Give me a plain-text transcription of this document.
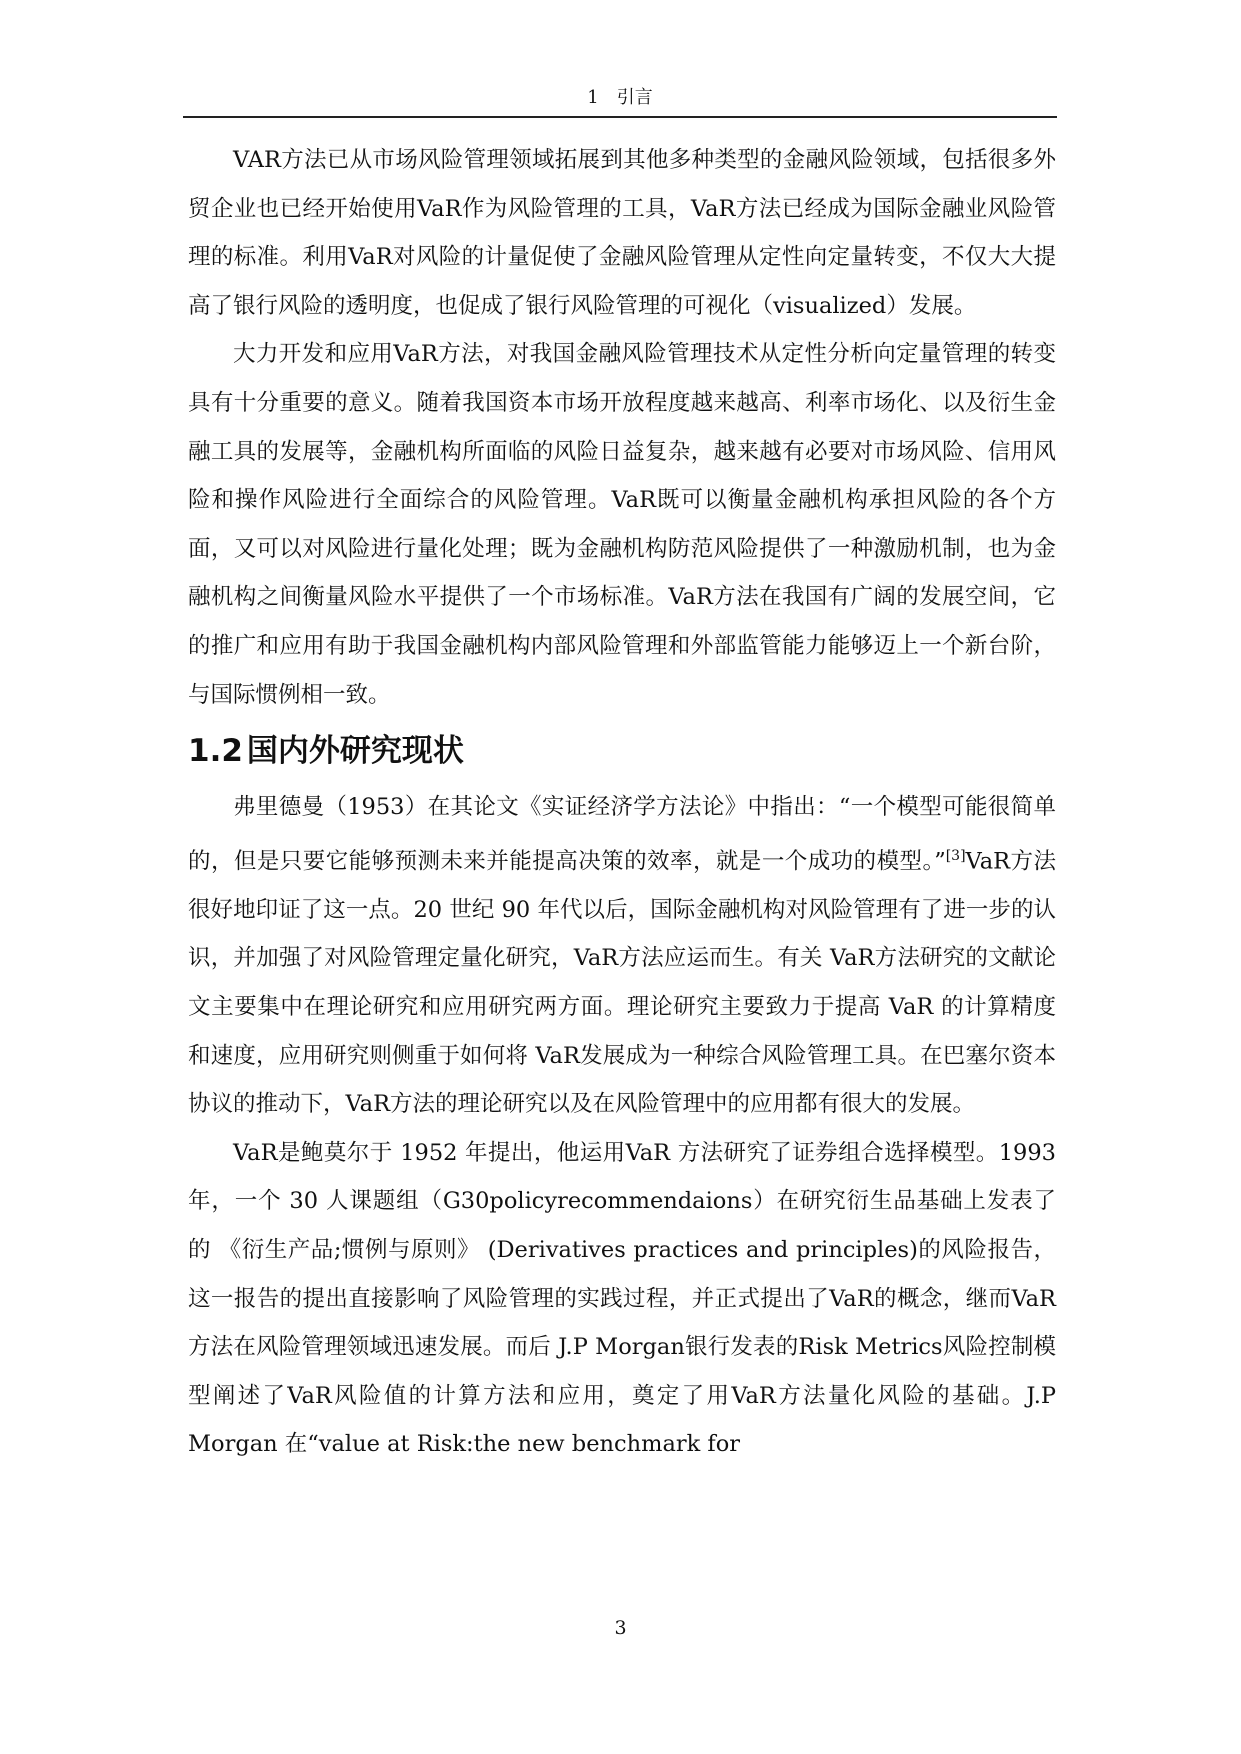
1　引言

VAR方法已从市场风险管理领域拓展到其他多种类型的金融风险领域，包括很多外贸企业也已经开始使用VaR作为风险管理的工具，VaR方法已经成为国际金融业风险管理的标准。利用VaR对风险的计量促使了金融风险管理从定性向定量转变，不仅大大提高了银行风险的透明度，也促成了银行风险管理的可视化（visualized）发展。

大力开发和应用VaR方法，对我国金融风险管理技术从定性分析向定量管理的转变具有十分重要的意义。随着我国资本市场开放程度越来越高、利率市场化、以及衍生金融工具的发展等，金融机构所面临的风险日益复杂，越来越有必要对市场风险、信用风险和操作风险进行全面综合的风险管理。VaR既可以衡量金融机构承担风险的各个方面，又可以对风险进行量化处理；既为金融机构防范风险提供了一种激励机制，也为金融机构之间衡量风险水平提供了一个市场标准。VaR方法在我国有广阔的发展空间，它的推广和应用有助于我国金融机构内部风险管理和外部监管能力能够迈上一个新台阶，与国际惯例相一致。

1.2 国内外研究现状

弗里德曼（1953）在其论文《实证经济学方法论》中指出：“一个模型可能很简单的，但是只要它能够预测未来并能提高决策的效率，就是一个成功的模型。”[3]VaR方法很好地印证了这一点。20 世纪 90 年代以后，国际金融机构对风险管理有了进一步的认识，并加强了对风险管理定量化研究，VaR方法应运而生。有关 VaR方法研究的文献论文主要集中在理论研究和应用研究两方面。理论研究主要致力于提高 VaR 的计算精度和速度，应用研究则侧重于如何将 VaR发展成为一种综合风险管理工具。在巴塞尔资本协议的推动下，VaR方法的理论研究以及在风险管理中的应用都有很大的发展。

VaR是鲍莫尔于 1952 年提出，他运用VaR 方法研究了证券组合选择模型。1993 年，一个 30 人课题组（G30policyrecommendaions）在研究衍生品基础上发表了的 《衍生产品;惯例与原则》 (Derivatives practices and principles)的风险报告，这一报告的提出直接影响了风险管理的实践过程，并正式提出了VaR的概念，继而VaR方法在风险管理领域迅速发展。而后 J.P Morgan银行发表的Risk Metrics风险控制模型阐述了VaR风险值的计算方法和应用，奠定了用VaR方法量化风险的基础。J.P Morgan 在“value at Risk:the new benchmark for

3
